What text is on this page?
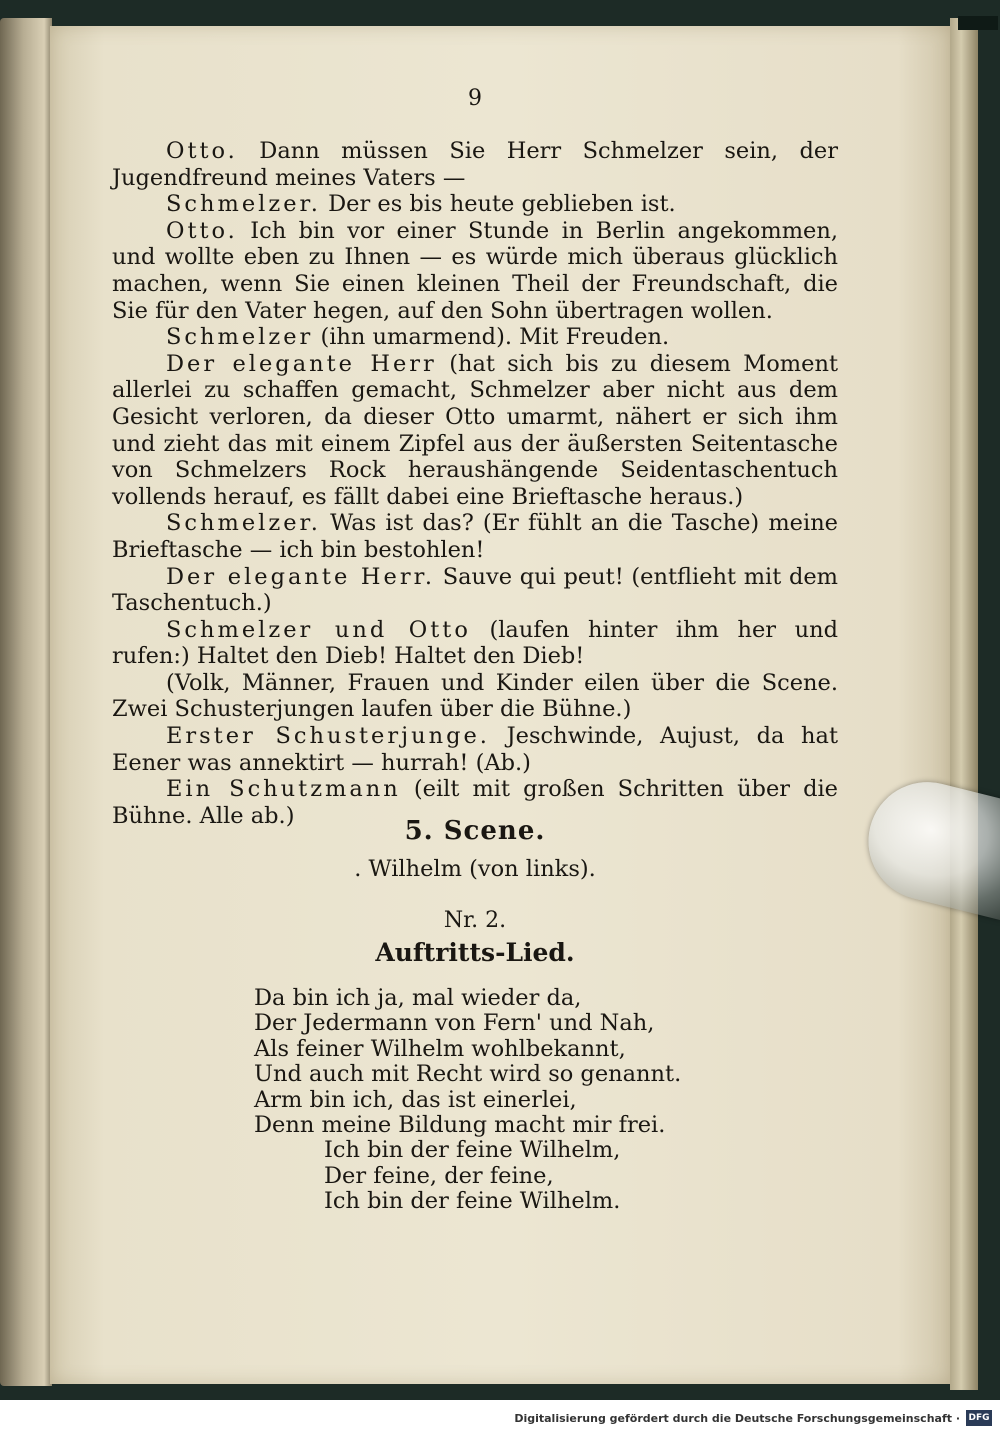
9

Otto. Dann müssen Sie Herr Schmelzer sein, der Jugendfreund meines Vaters —

Schmelzer. Der es bis heute geblieben ist.

Otto. Ich bin vor einer Stunde in Berlin angekommen, und wollte eben zu Ihnen — es würde mich überaus glücklich machen, wenn Sie einen kleinen Theil der Freundschaft, die Sie für den Vater hegen, auf den Sohn übertragen wollen.

Schmelzer (ihn umarmend). Mit Freuden.

Der elegante Herr (hat sich bis zu diesem Moment allerlei zu schaffen gemacht, Schmelzer aber nicht aus dem Gesicht verloren, da dieser Otto umarmt, nähert er sich ihm und zieht das mit einem Zipfel aus der äußersten Seitentasche von Schmelzers Rock heraushängende Seidentaschentuch vollends herauf, es fällt dabei eine Brieftasche heraus.)

Schmelzer. Was ist das? (Er fühlt an die Tasche) meine Brieftasche — ich bin bestohlen!

Der elegante Herr. Sauve qui peut! (entflieht mit dem Taschentuch.)

Schmelzer und Otto (laufen hinter ihm her und rufen:) Haltet den Dieb! Haltet den Dieb!

(Volk, Männer, Frauen und Kinder eilen über die Scene. Zwei Schusterjungen laufen über die Bühne.)

Erster Schusterjunge. Jeschwinde, Aujust, da hat Eener was annektirt — hurrah! (Ab.)

Ein Schutzmann (eilt mit großen Schritten über die Bühne. Alle ab.)

5. Scene.
. Wilhelm (von links).
Nr. 2.
Auftritts-Lied.

Da bin ich ja, mal wieder da,

Der Jedermann von Fern' und Nah,

Als feiner Wilhelm wohlbekannt,

Und auch mit Recht wird so genannt.

Arm bin ich, das ist einerlei,

Denn meine Bildung macht mir frei.

Ich bin der feine Wilhelm,

Der feine, der feine,

Ich bin der feine Wilhelm.

Digitalisierung gefördert durch die Deutsche Forschungsgemeinschaft · DFG
